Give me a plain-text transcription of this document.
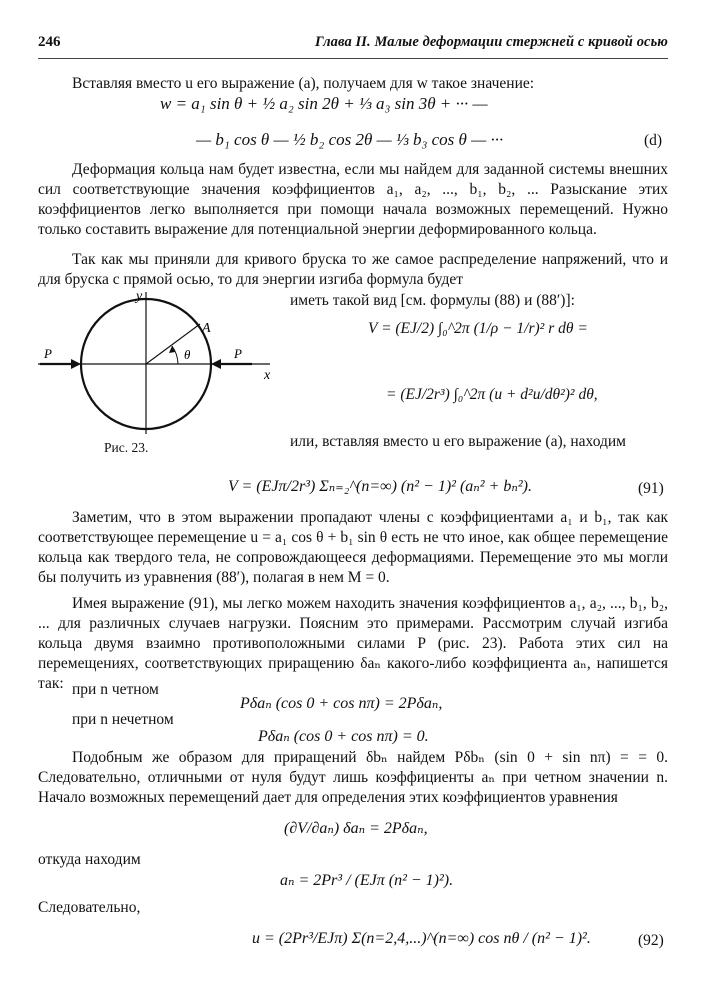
246	Глава II. Малые деформации стержней с кривой осью
Вставляя вместо u его выражение (а), получаем для w такое значение:
w = a₁ sin θ + ½ a₂ sin 2θ + ⅓ a₃ sin 3θ + ··· —
— b₁ cos θ — ½ b₂ cos 2θ — ⅓ b₃ cos θ — ···	(d)
Деформация кольца нам будет известна, если мы найдем для заданной системы внешних сил соответствующие значения коэффициентов a₁, a₂, ..., b₁, b₂, ... Разыскание этих коэффициентов легко выполняется при помощи начала возможных перемещений. Нужно только составить выражение для потенциальной энергии деформированного кольца.
Так как мы приняли для кривого бруска то же самое распределение напряжений, что и для бруска с прямой осью, то для энергии изгиба формула будет
иметь такой вид [см. формулы (88) и (88′)]:
y
x
A
θ
P	P
Рис. 23.
V = (EJ/2) ∫₀^2π (1/ρ − 1/r)² r dθ =
= (EJ/2r³) ∫₀^2π (u + d²u/dθ²)² dθ,
или, вставляя вместо u его выражение (а), находим
V = (EJπ/2r³) Σₙ₌₂^(n=∞) (n² − 1)² (aₙ² + bₙ²).	(91)
Заметим, что в этом выражении пропадают члены с коэффициентами a₁ и b₁, так как соответствующее перемещение u = a₁ cos θ + b₁ sin θ есть не что иное, как общее перемещение кольца как твердого тела, не сопровождающееся деформациями. Перемещение это мы могли бы получить из уравнения (88′), полагая в нем M = 0.
Имея выражение (91), мы легко можем находить значения коэффициентов a₁, a₂, ..., b₁, b₂, ... для различных случаев нагрузки. Поясним это примерами. Рассмотрим случай изгиба кольца двумя взаимно противоположными силами P (рис. 23). Работа этих сил на перемещениях, соответствующих приращению δaₙ какого-либо коэффициента aₙ, напишется так: при n четном
Pδaₙ (cos 0 + cos nπ) = 2Pδaₙ,
при n нечетном
Pδaₙ (cos 0 + cos nπ) = 0.
Подобным же образом для приращений δbₙ найдем Pδbₙ (sin 0 + sin nπ) = = 0. Следовательно, отличными от нуля будут лишь коэффициенты aₙ при четном значении n. Начало возможных перемещений дает для определения этих коэффициентов уравнения
(∂V/∂aₙ) δaₙ = 2Pδaₙ,
откуда находим
aₙ = 2Pr³ / (EJπ (n² − 1)²).
Следовательно,
u = (2Pr³/EJπ) Σ(n=2,4,...)^(n=∞) cos nθ / (n² − 1)².	(92)
